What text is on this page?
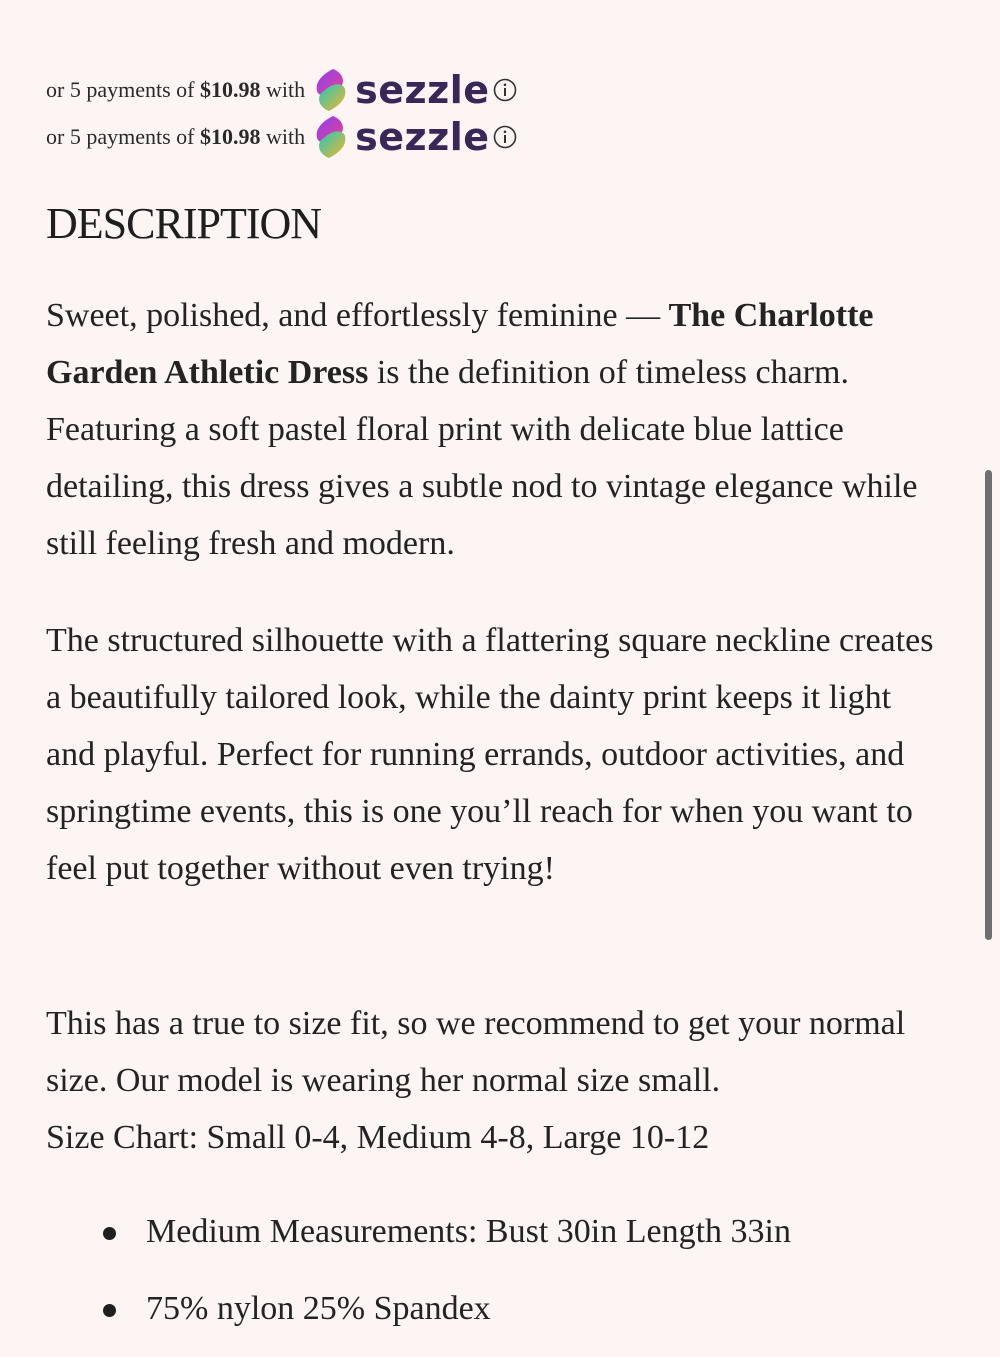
or 5 payments of $10.98 with sezzle
or 5 payments of $10.98 with sezzle
DESCRIPTION

Sweet, polished, and effortlessly feminine — The Charlotte Garden Athletic Dress is the definition of timeless charm. Featuring a soft pastel floral print with delicate blue lattice detailing, this dress gives a subtle nod to vintage elegance while still feeling fresh and modern.

The structured silhouette with a flattering square neckline creates a beautifully tailored look, while the dainty print keeps it light and playful. Perfect for running errands, outdoor activities, and springtime events, this is one you’ll reach for when you want to feel put together without even trying!

This has a true to size fit, so we recommend to get your normal size. Our model is wearing her normal size small.
Size Chart: Small 0-4, Medium 4-8, Large 10-12

Medium Measurements: Bust 30in Length 33in
75% nylon 25% Spandex
